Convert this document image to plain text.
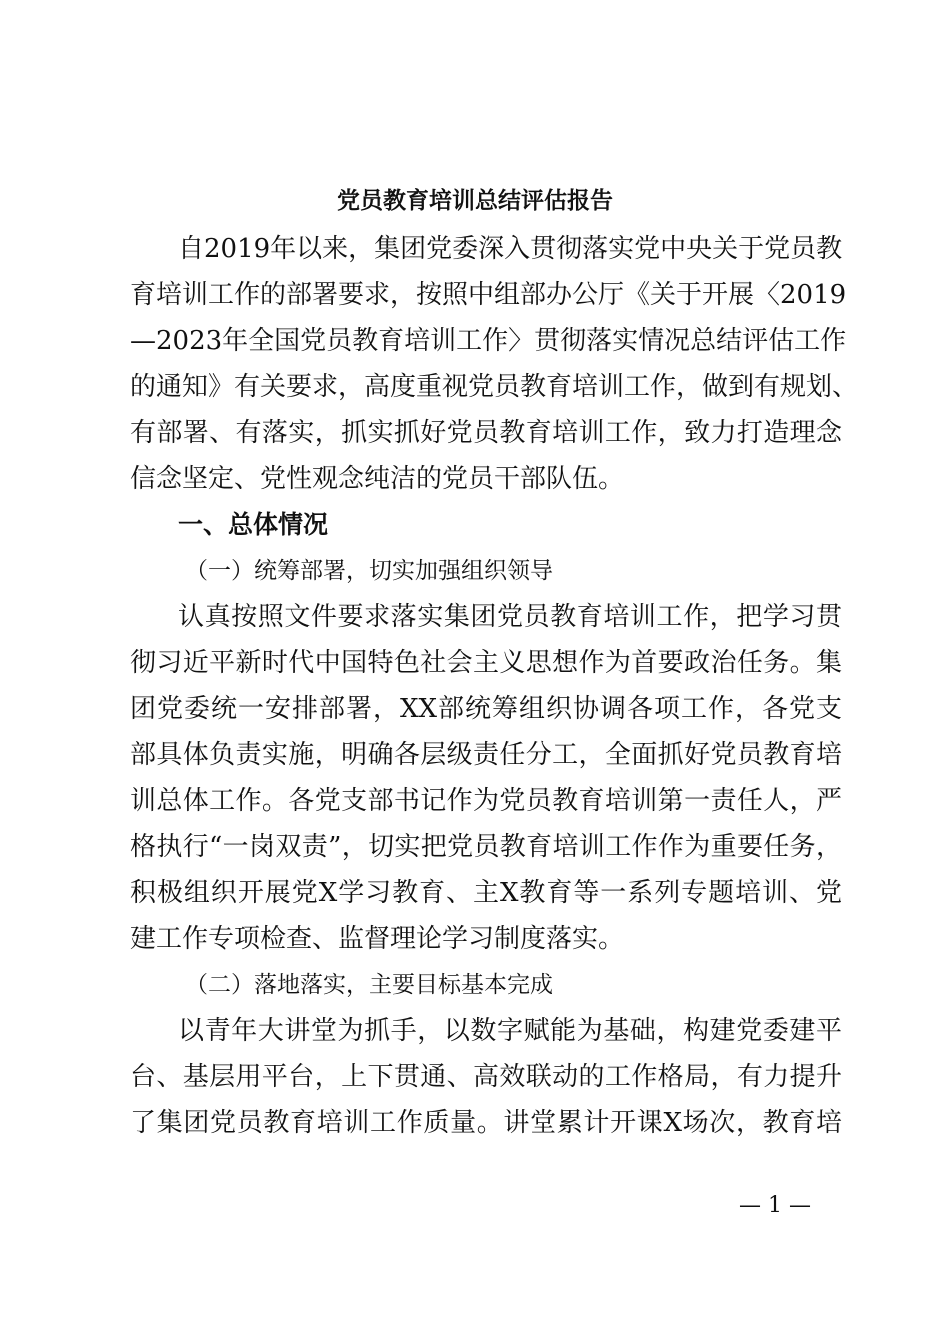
党员教育培训总结评估报告
自2019年以来，集团党委深入贯彻落实党中央关于党员教
育培训工作的部署要求，按照中组部办公厅《关于开展〈2019
—2023年全国党员教育培训工作〉贯彻落实情况总结评估工作
的通知》有关要求，高度重视党员教育培训工作，做到有规划、
有部署、有落实，抓实抓好党员教育培训工作，致力打造理念
信念坚定、党性观念纯洁的党员干部队伍。
一、总体情况
（一）统筹部署，切实加强组织领导
认真按照文件要求落实集团党员教育培训工作，把学习贯
彻习近平新时代中国特色社会主义思想作为首要政治任务。集
团党委统一安排部署，XX部统筹组织协调各项工作，各党支
部具体负责实施，明确各层级责任分工，全面抓好党员教育培
训总体工作。各党支部书记作为党员教育培训第一责任人，严
格执行“一岗双责”，切实把党员教育培训工作作为重要任务，
积极组织开展党X学习教育、主X教育等一系列专题培训、党
建工作专项检查、监督理论学习制度落实。
（二）落地落实，主要目标基本完成
以青年大讲堂为抓手，以数字赋能为基础，构建党委建平
台、基层用平台，上下贯通、高效联动的工作格局，有力提升
了集团党员教育培训工作质量。讲堂累计开课X场次，教育培
— 1 —
